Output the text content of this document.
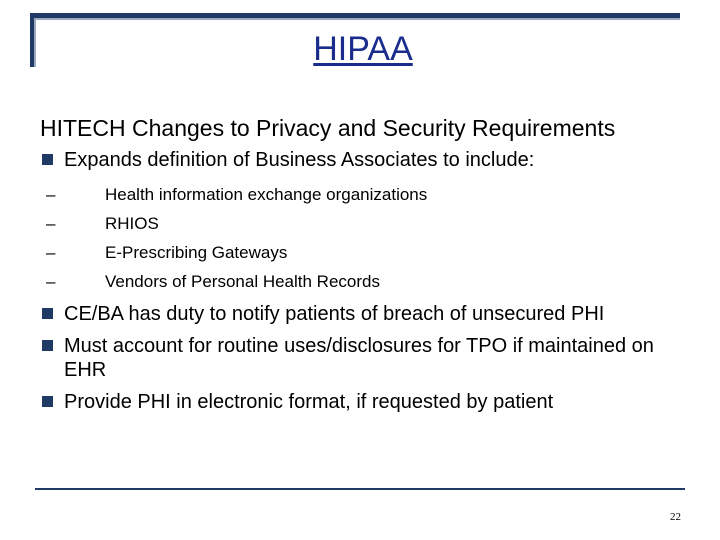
HIPAA
HITECH Changes to Privacy and Security Requirements
Expands definition of Business Associates to include:
–	Health information exchange organizations
–	RHIOS
–	E-Prescribing Gateways
–	Vendors of Personal Health Records
CE/BA has duty to notify patients of breach of unsecured PHI
Must account for routine uses/disclosures for TPO if maintained on EHR
Provide PHI in electronic format, if requested by patient
22
